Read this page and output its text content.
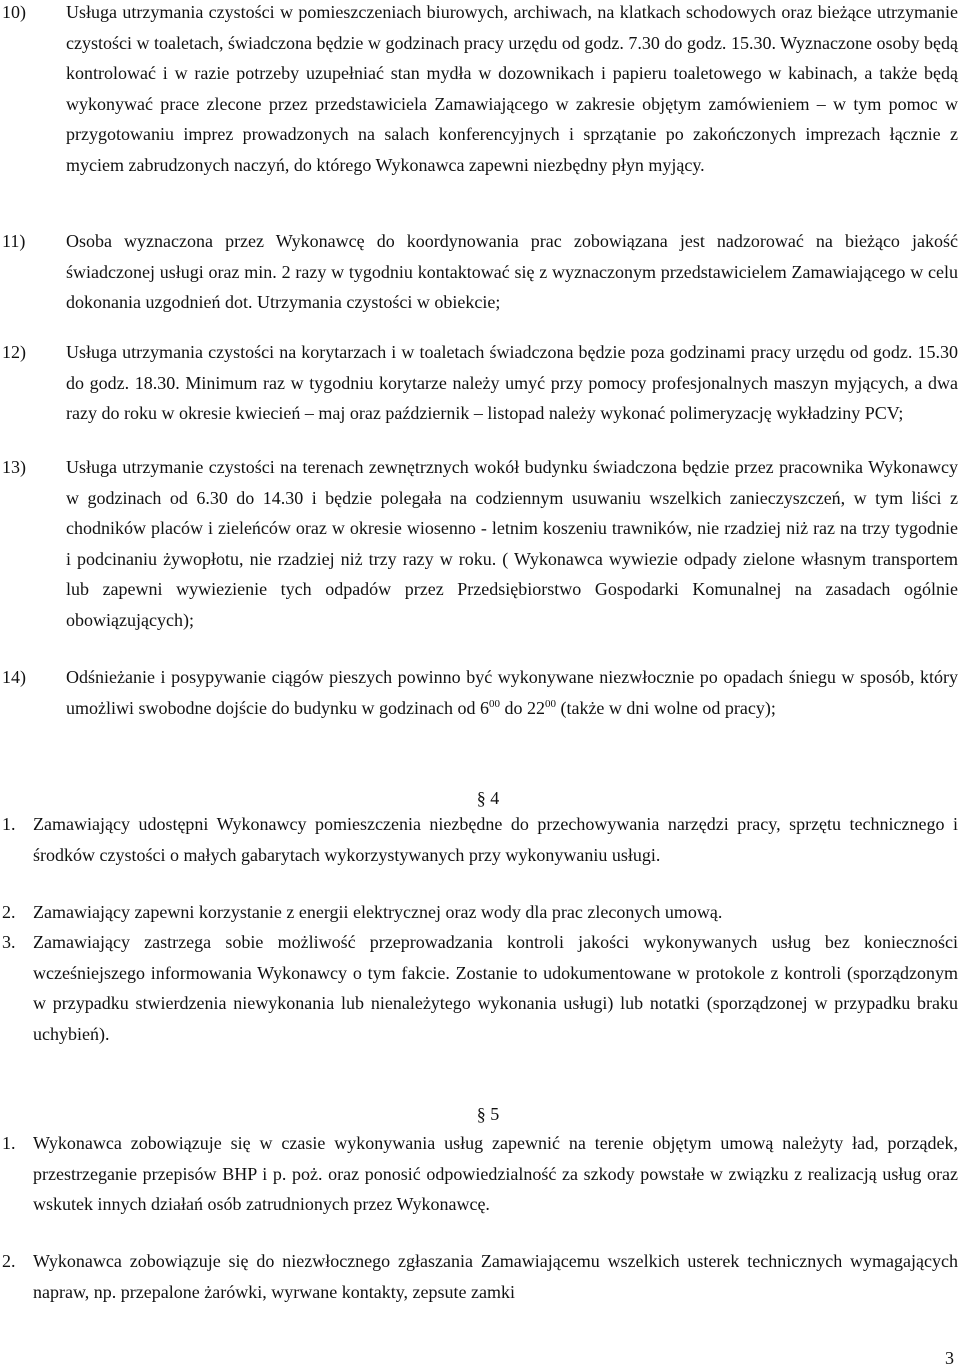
10) Usługa utrzymania czystości w pomieszczeniach biurowych, archiwach, na klatkach schodowych oraz bieżące utrzymanie czystości w toaletach, świadczona będzie w godzinach pracy urzędu od godz. 7.30 do godz. 15.30. Wyznaczone osoby będą kontrolować i w razie potrzeby uzupełniać stan mydła w dozownikach i papieru toaletowego w kabinach, a także będą wykonywać prace zlecone przez przedstawiciela Zamawiającego w zakresie objętym zamówieniem – w tym pomoc w przygotowaniu imprez prowadzonych na salach konferencyjnych i sprzątanie po zakończonych imprezach łącznie z myciem zabrudzonych naczyń, do którego Wykonawca zapewni niezbędny płyn myjący.
11) Osoba wyznaczona przez Wykonawcę do koordynowania prac zobowiązana jest nadzorować na bieżąco jakość świadczonej usługi oraz min. 2 razy w tygodniu kontaktować się z wyznaczonym przedstawicielem Zamawiającego w celu dokonania uzgodnień dot. Utrzymania czystości w obiekcie;
12) Usługa utrzymania czystości na korytarzach i w toaletach świadczona będzie poza godzinami pracy urzędu od godz. 15.30 do godz. 18.30. Minimum raz w tygodniu korytarze należy umyć przy pomocy profesjonalnych maszyn myjących, a dwa razy do roku w okresie kwiecień – maj oraz październik – listopad należy wykonać polimeryzację wykładziny PCV;
13) Usługa utrzymanie czystości na terenach zewnętrznych wokół budynku świadczona będzie przez pracownika Wykonawcy w godzinach od 6.30 do 14.30 i będzie polegała na codziennym usuwaniu wszelkich zanieczyszczeń, w tym liści z chodników placów i zieleńców oraz w okresie wiosenno - letnim koszeniu trawników, nie rzadziej niż raz na trzy tygodnie i podcinaniu żywopłotu, nie rzadziej niż trzy razy w roku. ( Wykonawca wywiezie odpady zielone własnym transportem lub zapewni wywiezienie tych odpadów przez Przedsiębiorstwo Gospodarki Komunalnej na zasadach ogólnie obowiązujących);
14) Odśnieżanie i posypywanie ciągów pieszych powinno być wykonywane niezwłocznie po opadach śniegu w sposób, który umożliwi swobodne dojście do budynku w godzinach od $6^{00}$ do $22^{00}$ (także w dni wolne od pracy);
§ 4
1. Zamawiający udostępni Wykonawcy pomieszczenia niezbędne do przechowywania narzędzi pracy, sprzętu technicznego i środków czystości o małych gabarytach wykorzystywanych przy wykonywaniu usługi.
2. Zamawiający zapewni korzystanie z energii elektrycznej oraz wody dla prac zleconych umową.
3. Zamawiający zastrzega sobie możliwość przeprowadzania kontroli jakości wykonywanych usług bez konieczności wcześniejszego informowania Wykonawcy o tym fakcie. Zostanie to udokumentowane w protokole z kontroli (sporządzonym w przypadku stwierdzenia niewykonania lub nienależytego wykonania usługi) lub notatki (sporządzonej w przypadku braku uchybień).
§ 5
1. Wykonawca zobowiązuje się w czasie wykonywania usług zapewnić na terenie objętym umową należyty ład, porządek, przestrzeganie przepisów BHP i p. poż. oraz ponosić odpowiedzialność za szkody powstałe w związku z realizacją usług oraz wskutek innych działań osób zatrudnionych przez Wykonawcę.
2. Wykonawca zobowiązuje się do niezwłocznego zgłaszania Zamawiającemu wszelkich usterek technicznych wymagających napraw, np. przepalone żarówki, wyrwane kontakty, zepsute zamki
3
